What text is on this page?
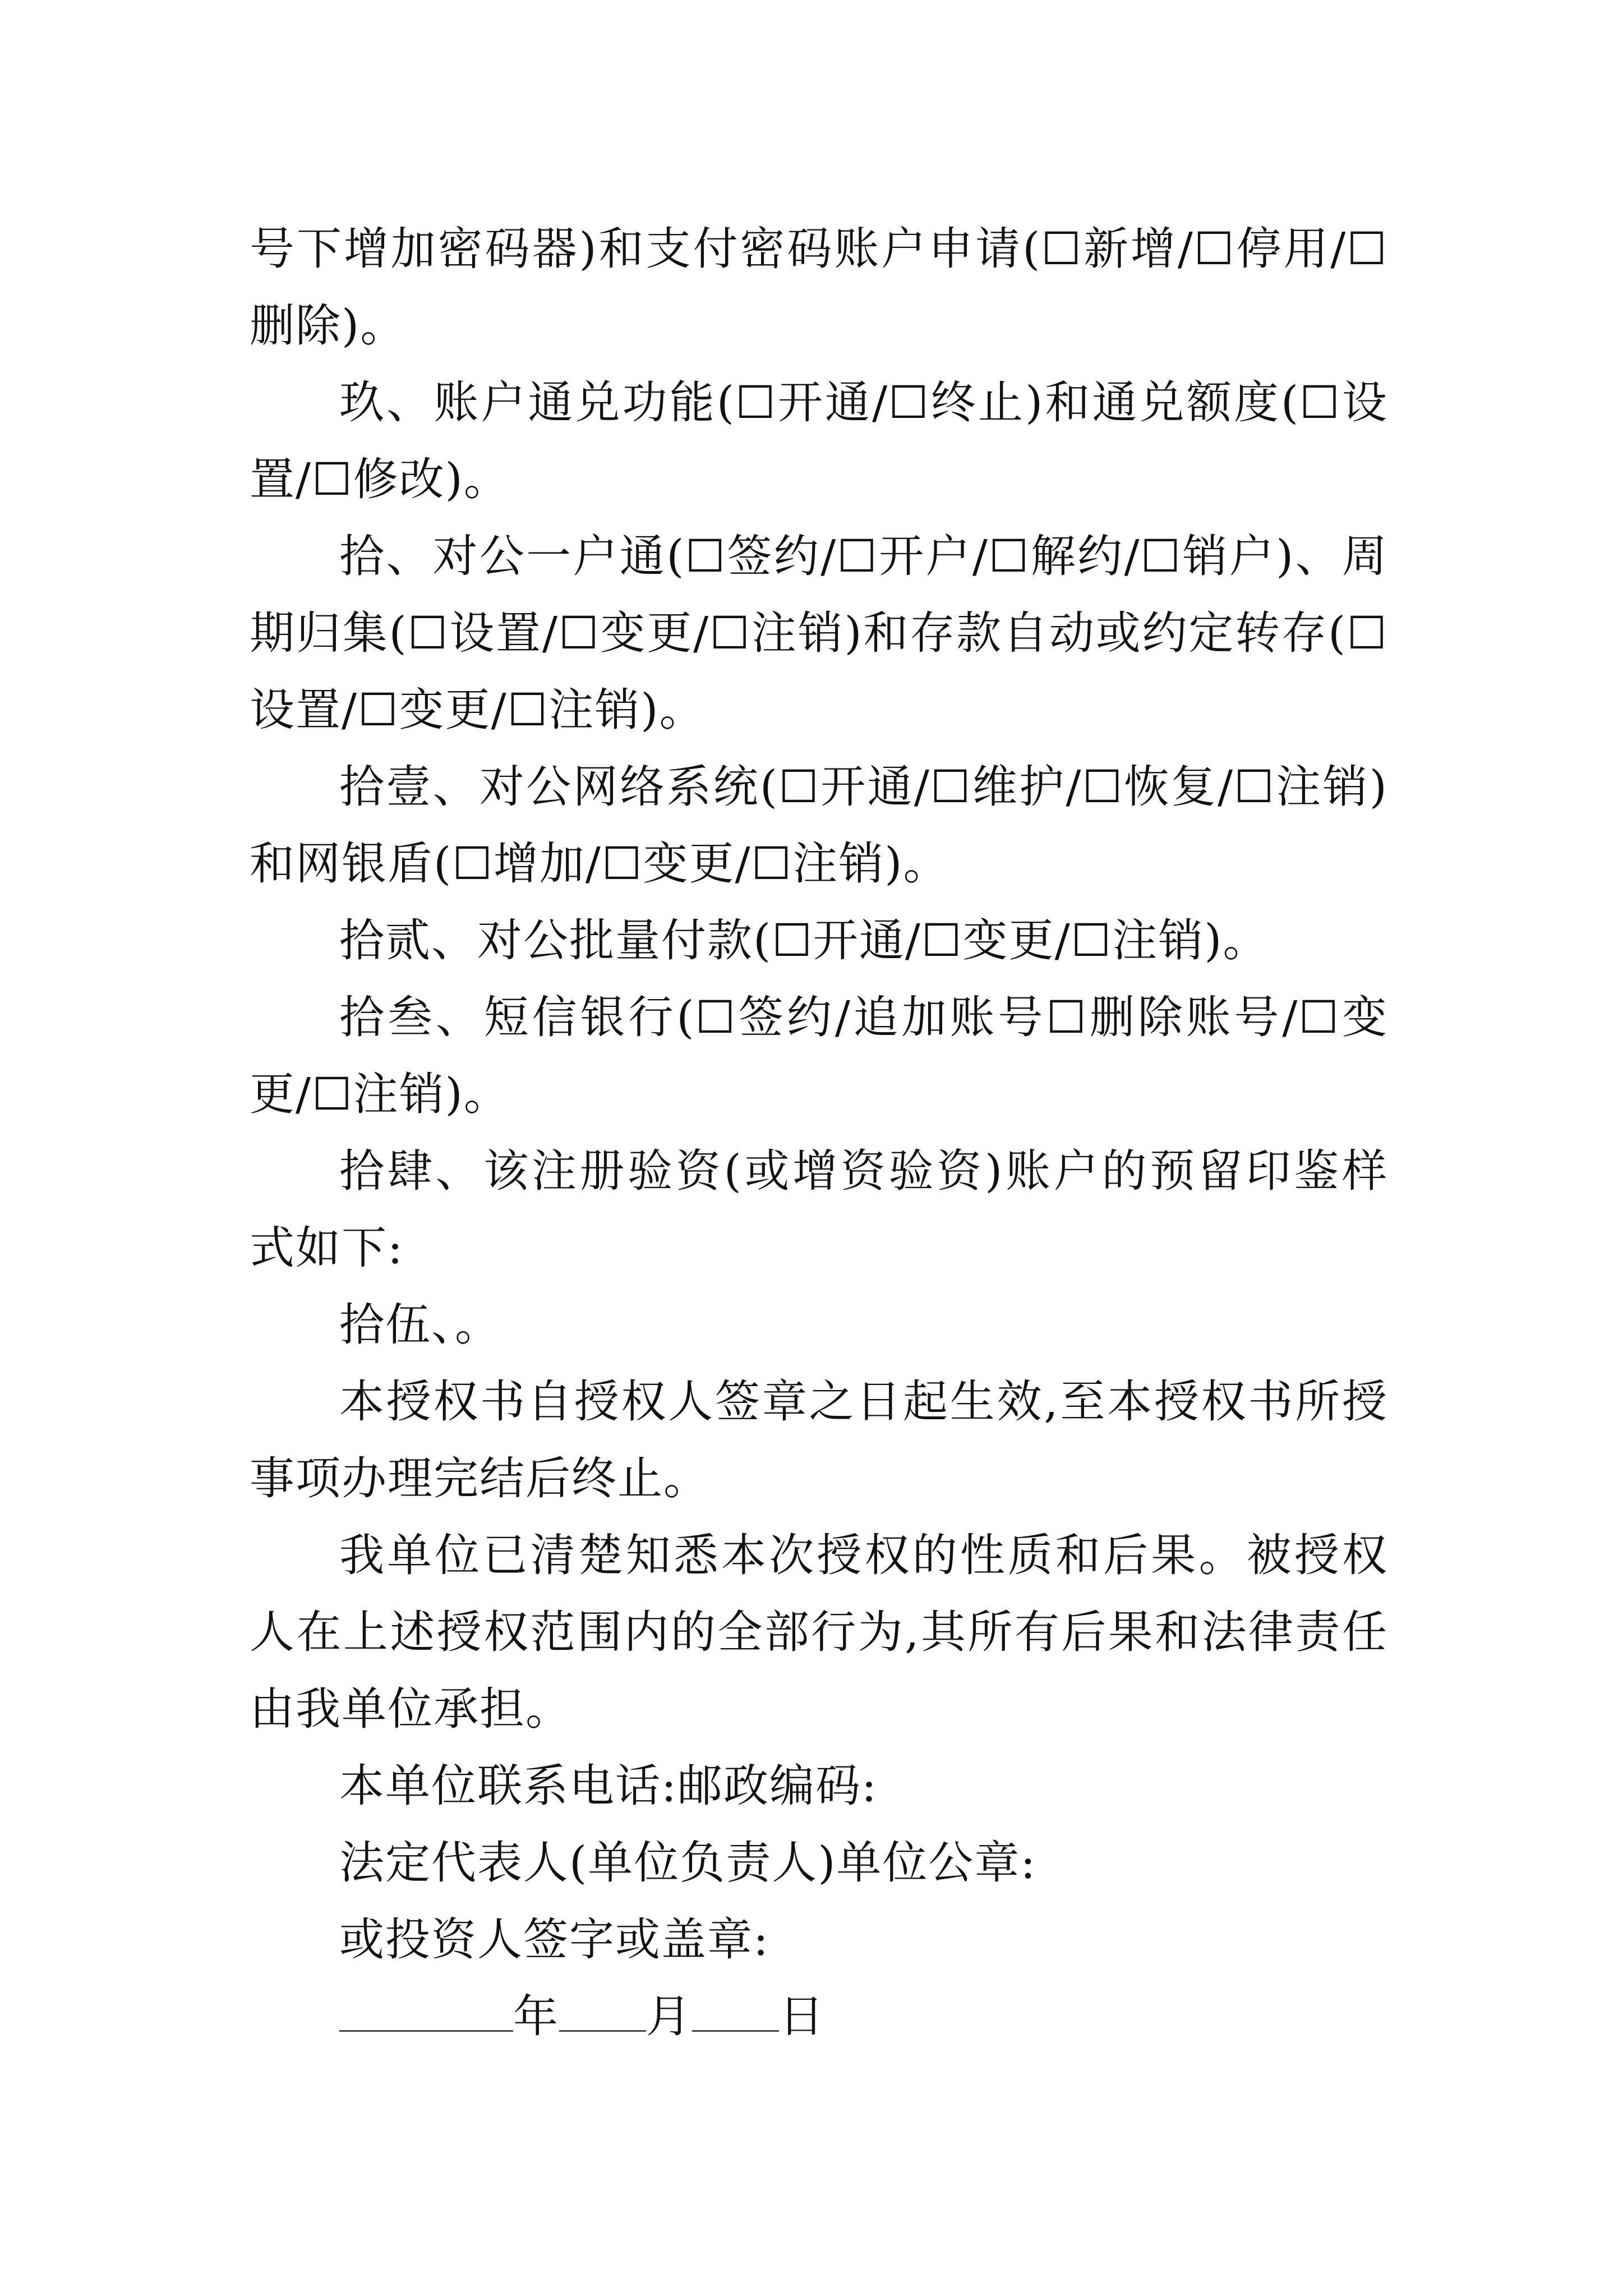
号下增加密码器)和支付密码账户申请(☐新增/☐停用/☐删除)。

玖、账户通兑功能(☐开通/☐终止)和通兑额度(☐设置/☐修改)。

拾、对公一户通(☐签约/☐开户/☐解约/☐销户)、周期归集(☐设置/☐变更/☐注销)和存款自动或约定转存(☐设置/☐变更/☐注销)。

拾壹、对公网络系统(☐开通/☐维护/☐恢复/☐注销)和网银盾(☐增加/☐变更/☐注销)。

拾贰、对公批量付款(☐开通/☐变更/☐注销)。

拾叁、短信银行(☐签约/追加账号☐删除账号/☐变更/☐注销)。

拾肆、该注册验资(或增资验资)账户的预留印鉴样式如下:

拾伍、。

本授权书自授权人签章之日起生效,至本授权书所授事项办理完结后终止。

我单位已清楚知悉本次授权的性质和后果。被授权人在上述授权范围内的全部行为,其所有后果和法律责任由我单位承担。

本单位联系电话:邮政编码:

法定代表人(单位负责人)单位公章:

或投资人签字或盖章:

年 月 日
